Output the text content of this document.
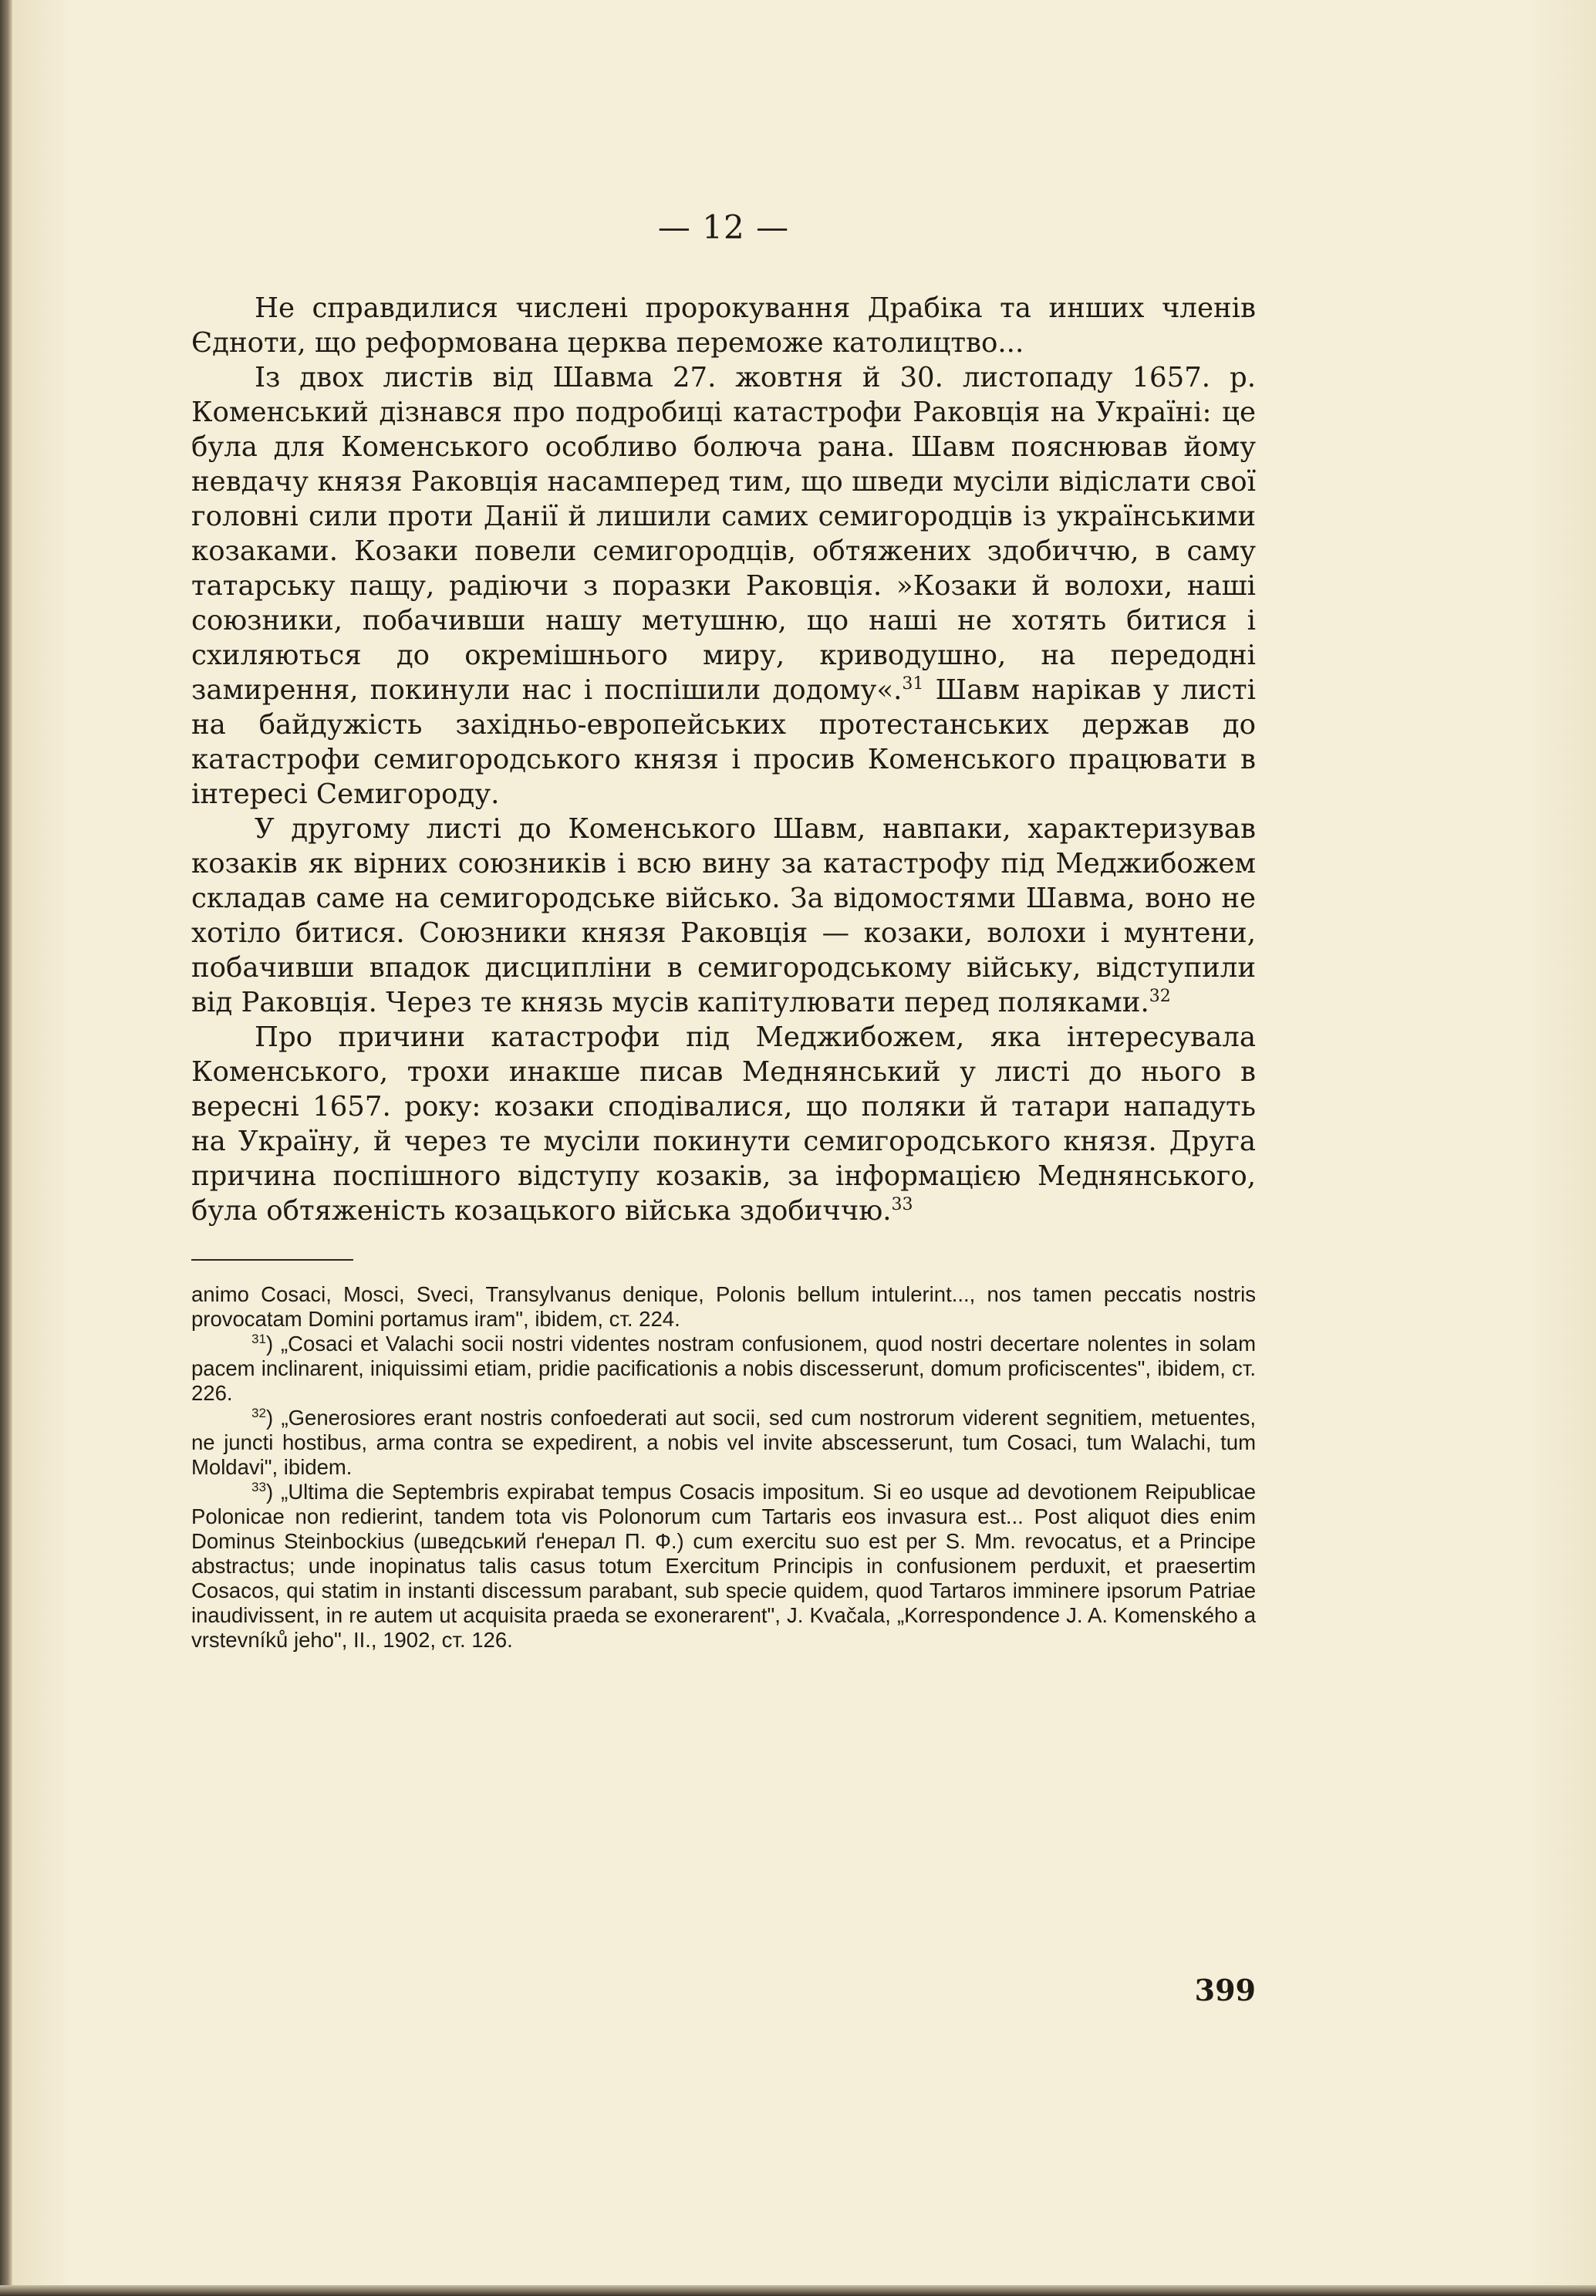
— 12 —

Не справдилися числені пророкування Драбіка та инших членів Єдноти, що реформована церква переможе католицтво...

Із двох листів від Шавма 27. жовтня й 30. листопаду 1657. р. Коменський дізнався про подробиці катастрофи Раковція на Україні: це була для Коменського особливо болюча рана. Шавм пояснював йому невдачу князя Раковція насамперед тим, що шведи мусіли відіслати свої головні сили проти Данії й лишили самих семигородців із українськими козаками. Козаки повели семигородців, обтяжених здобиччю, в саму татарську пащу, радіючи з поразки Раковція. »Козаки й волохи, наші союзники, побачивши нашу метушню, що наші не хотять битися і схиляються до окремішнього миру, криводушно, на передодні замирення, покинули нас і поспішили додому«.$^{31}$ Шавм нарікав у листі на байдужість західньо-европейських протестанських держав до катастрофи семигородського князя і просив Коменського працювати в інтересі Семигороду.

У другому листі до Коменського Шавм, навпаки, характеризував козаків як вірних союзників і всю вину за катастрофу під Меджибожем складав саме на семигородське військо. За відомостями Шавма, воно не хотіло битися. Союзники князя Раковція — козаки, волохи і мунтени, побачивши впадок дисципліни в семигородському війську, відступили від Раковція. Через те князь мусів капітулювати перед поляками.$^{32}$

Про причини катастрофи під Меджибожем, яка інтересувала Коменського, трохи инакше писав Меднянський у листі до нього в вересні 1657. року: козаки сподівалися, що поляки й татари нападуть на Україну, й через те мусіли покинути семигородського князя. Друга причина поспішного відступу козаків, за інформацією Меднянського, була обтяженість козацького війська здобиччю.$^{33}$

animo Cosaci, Mosci, Sveci, Transylvanus denique, Polonis bellum intulerint..., nos tamen peccatis nostris provocatam Domini portamus iram", ibidem, ст. 224.

$^{31}$) „Cosaci et Valachi socii nostri videntes nostram confusionem, quod nostri decertare nolentes in solam pacem inclinarent, iniquissimi etiam, pridie pacificationis a nobis discesserunt, domum proficiscentes", ibidem, ст. 226.

$^{32}$) „Generosiores erant nostris confoederati aut socii, sed cum nostrorum viderent segnitiem, metuentes, ne juncti hostibus, arma contra se expedirent, a nobis vel invite abscesserunt, tum Cosaci, tum Walachi, tum Moldavi", ibidem.

$^{33}$) „Ultima die Septembris expirabat tempus Cosacis impositum. Si eo usque ad devotionem Reipublicae Polonicae non redierint, tandem tota vis Polonorum cum Tartaris eos invasura est... Post aliquot dies enim Dominus Steinbockius (шведський ґенерал П. Ф.) cum exercitu suo est per S. Mm. revocatus, et a Principe abstractus; unde inopinatus talis casus totum Exercitum Principis in confusionem perduxit, et praesertim Cosacos, qui statim in instanti discessum parabant, sub specie quidem, quod Tartaros imminere ipsorum Patriae inaudivissent, in re autem ut acquisita praeda se exonerarent", J. Kvačala, „Korrespondence J. A. Komenského a vrstevníků jeho", II., 1902, ст. 126.

399
